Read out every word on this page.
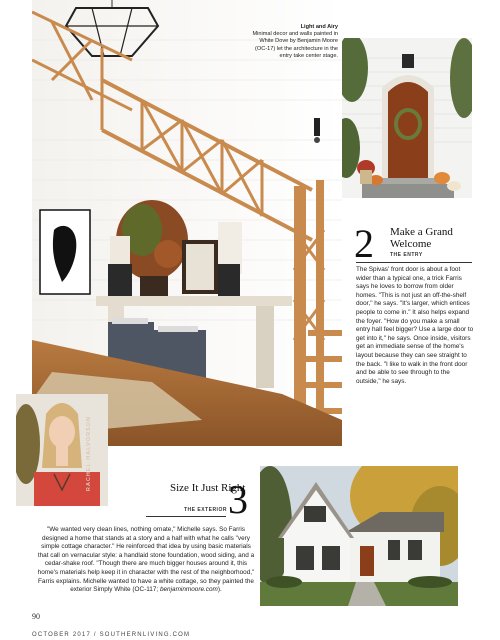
Light and Airy
Minimal decor and walls painted in White Dove by Benjamin Moore (OC-17) let the architecture in the entry take center stage.
2 Make a Grand Welcome
THE ENTRY
The Spivas' front door is about a foot wider than a typical one, a trick Farris says he loves to borrow from older homes. "This is not just an off-the-shelf door," he says. "It's larger, which entices people to come in." It also helps expand the foyer. "How do you make a small entry hall feel bigger? Use a large door to get into it," he says. Once inside, visitors get an immediate sense of the home's layout because they can see straight to the back. "I like to walk in the front door and be able to see through to the outside," he says.
RACHEL HALVORSON	Size It Just Right
THE EXTERIOR 3
"We wanted very clean lines, nothing ornate," Michelle says. So Farris designed a home that stands at a story and a half with what he calls "very simple cottage character." He reinforced that idea by using basic materials that call on vernacular style: a handlaid stone foundation, wood siding, and a cedar-shake roof. "Though there are much bigger houses around it, this home's materials help keep it in character with the rest of the neighborhood," Farris explains. Michelle wanted to have a white cottage, so they painted the exterior Simply White (OC-117; benjaminmoore.com).
90
OCTOBER 2017 / SOUTHERNLIVING.COM
